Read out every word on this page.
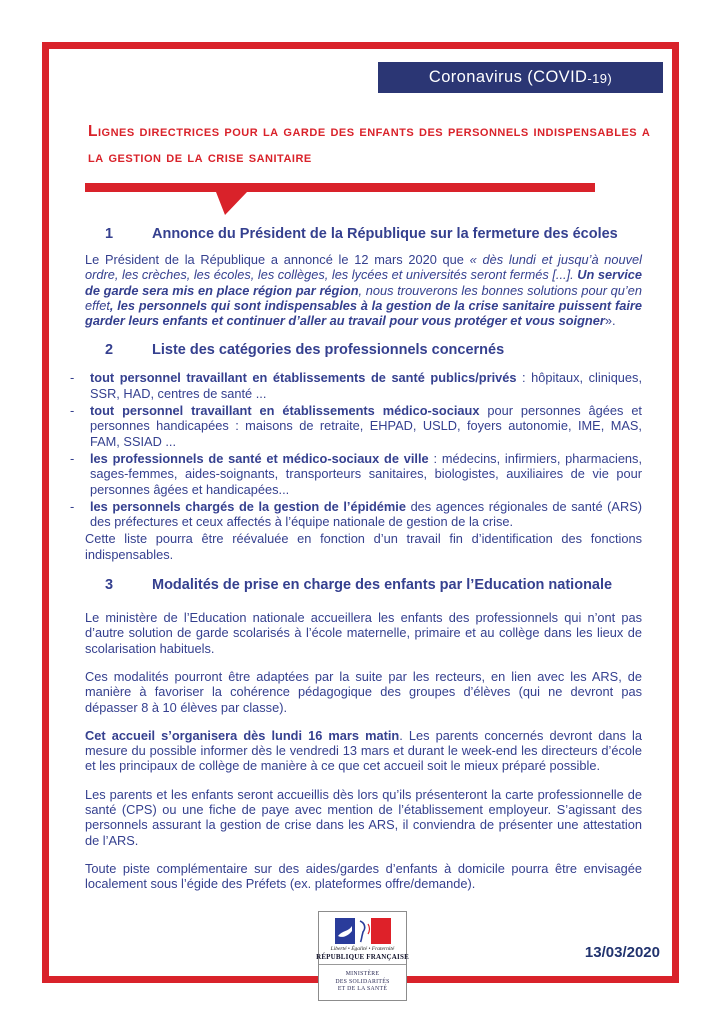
Coronavirus (COVID -19)
Lignes directrices pour la garde des enfants des personnels indispensables a la gestion de la crise sanitaire
1	Annonce du Président de la République sur la fermeture des écoles

Le Président de la République a annoncé le 12 mars 2020 que « dès lundi et jusqu’à nouvel ordre, les crèches, les écoles, les collèges, les lycées et universités seront fermés [...]. Un service de garde sera mis en place région par région, nous trouverons les bonnes solutions pour qu’en effet, les personnels qui sont indispensables à la gestion de la crise sanitaire puissent faire garder leurs enfants et continuer d’aller au travail pour vous protéger et vous soigner».

2	Liste des catégories des professionnels concernés
- tout personnel travaillant en établissements de santé publics/privés : hôpitaux, cliniques, SSR, HAD, centres de santé ...
- tout personnel travaillant en établissements médico-sociaux pour personnes âgées et personnes handicapées : maisons de retraite, EHPAD, USLD, foyers autonomie, IME, MAS, FAM, SSIAD ...
- les professionnels de santé et médico-sociaux de ville : médecins, infirmiers, pharmaciens, sages-femmes, aides-soignants, transporteurs sanitaires, biologistes, auxiliaires de vie pour personnes âgées et handicapées...
- les personnels chargés de la gestion de l’épidémie des agences régionales de santé (ARS) des préfectures et ceux affectés à l’équipe nationale de gestion de la crise.

Cette liste pourra être réévaluée en fonction d’un travail fin d’identification des fonctions indispensables.

3	Modalités de prise en charge des enfants par l’Education nationale

Le ministère de l’Education nationale accueillera les enfants des professionnels qui n’ont pas d’autre solution de garde scolarisés à l’école maternelle, primaire et au collège dans les lieux de scolarisation habituels.

Ces modalités pourront être adaptées par la suite par les recteurs, en lien avec les ARS, de manière à favoriser la cohérence pédagogique des groupes d’élèves (qui ne devront pas dépasser 8 à 10 élèves par classe).

Cet accueil s’organisera dès lundi 16 mars matin. Les parents concernés devront dans la mesure du possible informer dès le vendredi 13 mars et durant le week-end les directeurs d’école et les principaux de collège de manière à ce que cet accueil soit le mieux préparé possible.

Les parents et les enfants seront accueillis dès lors qu’ils présenteront la carte professionnelle de santé (CPS) ou une fiche de paye avec mention de l’établissement employeur. S’agissant des personnels assurant la gestion de crise dans les ARS, il conviendra de présenter une attestation de l’ARS.

Toute piste complémentaire sur des aides/gardes d’enfants à domicile pourra être envisagée localement sous l’égide des Préfets (ex. plateformes offre/demande).

13/03/2020
Liberté • Égalité • Fraternité
RÉPUBLIQUE FRANÇAISE
MINISTÈRE
DES SOLIDARITÉS
ET DE LA SANTÉ
